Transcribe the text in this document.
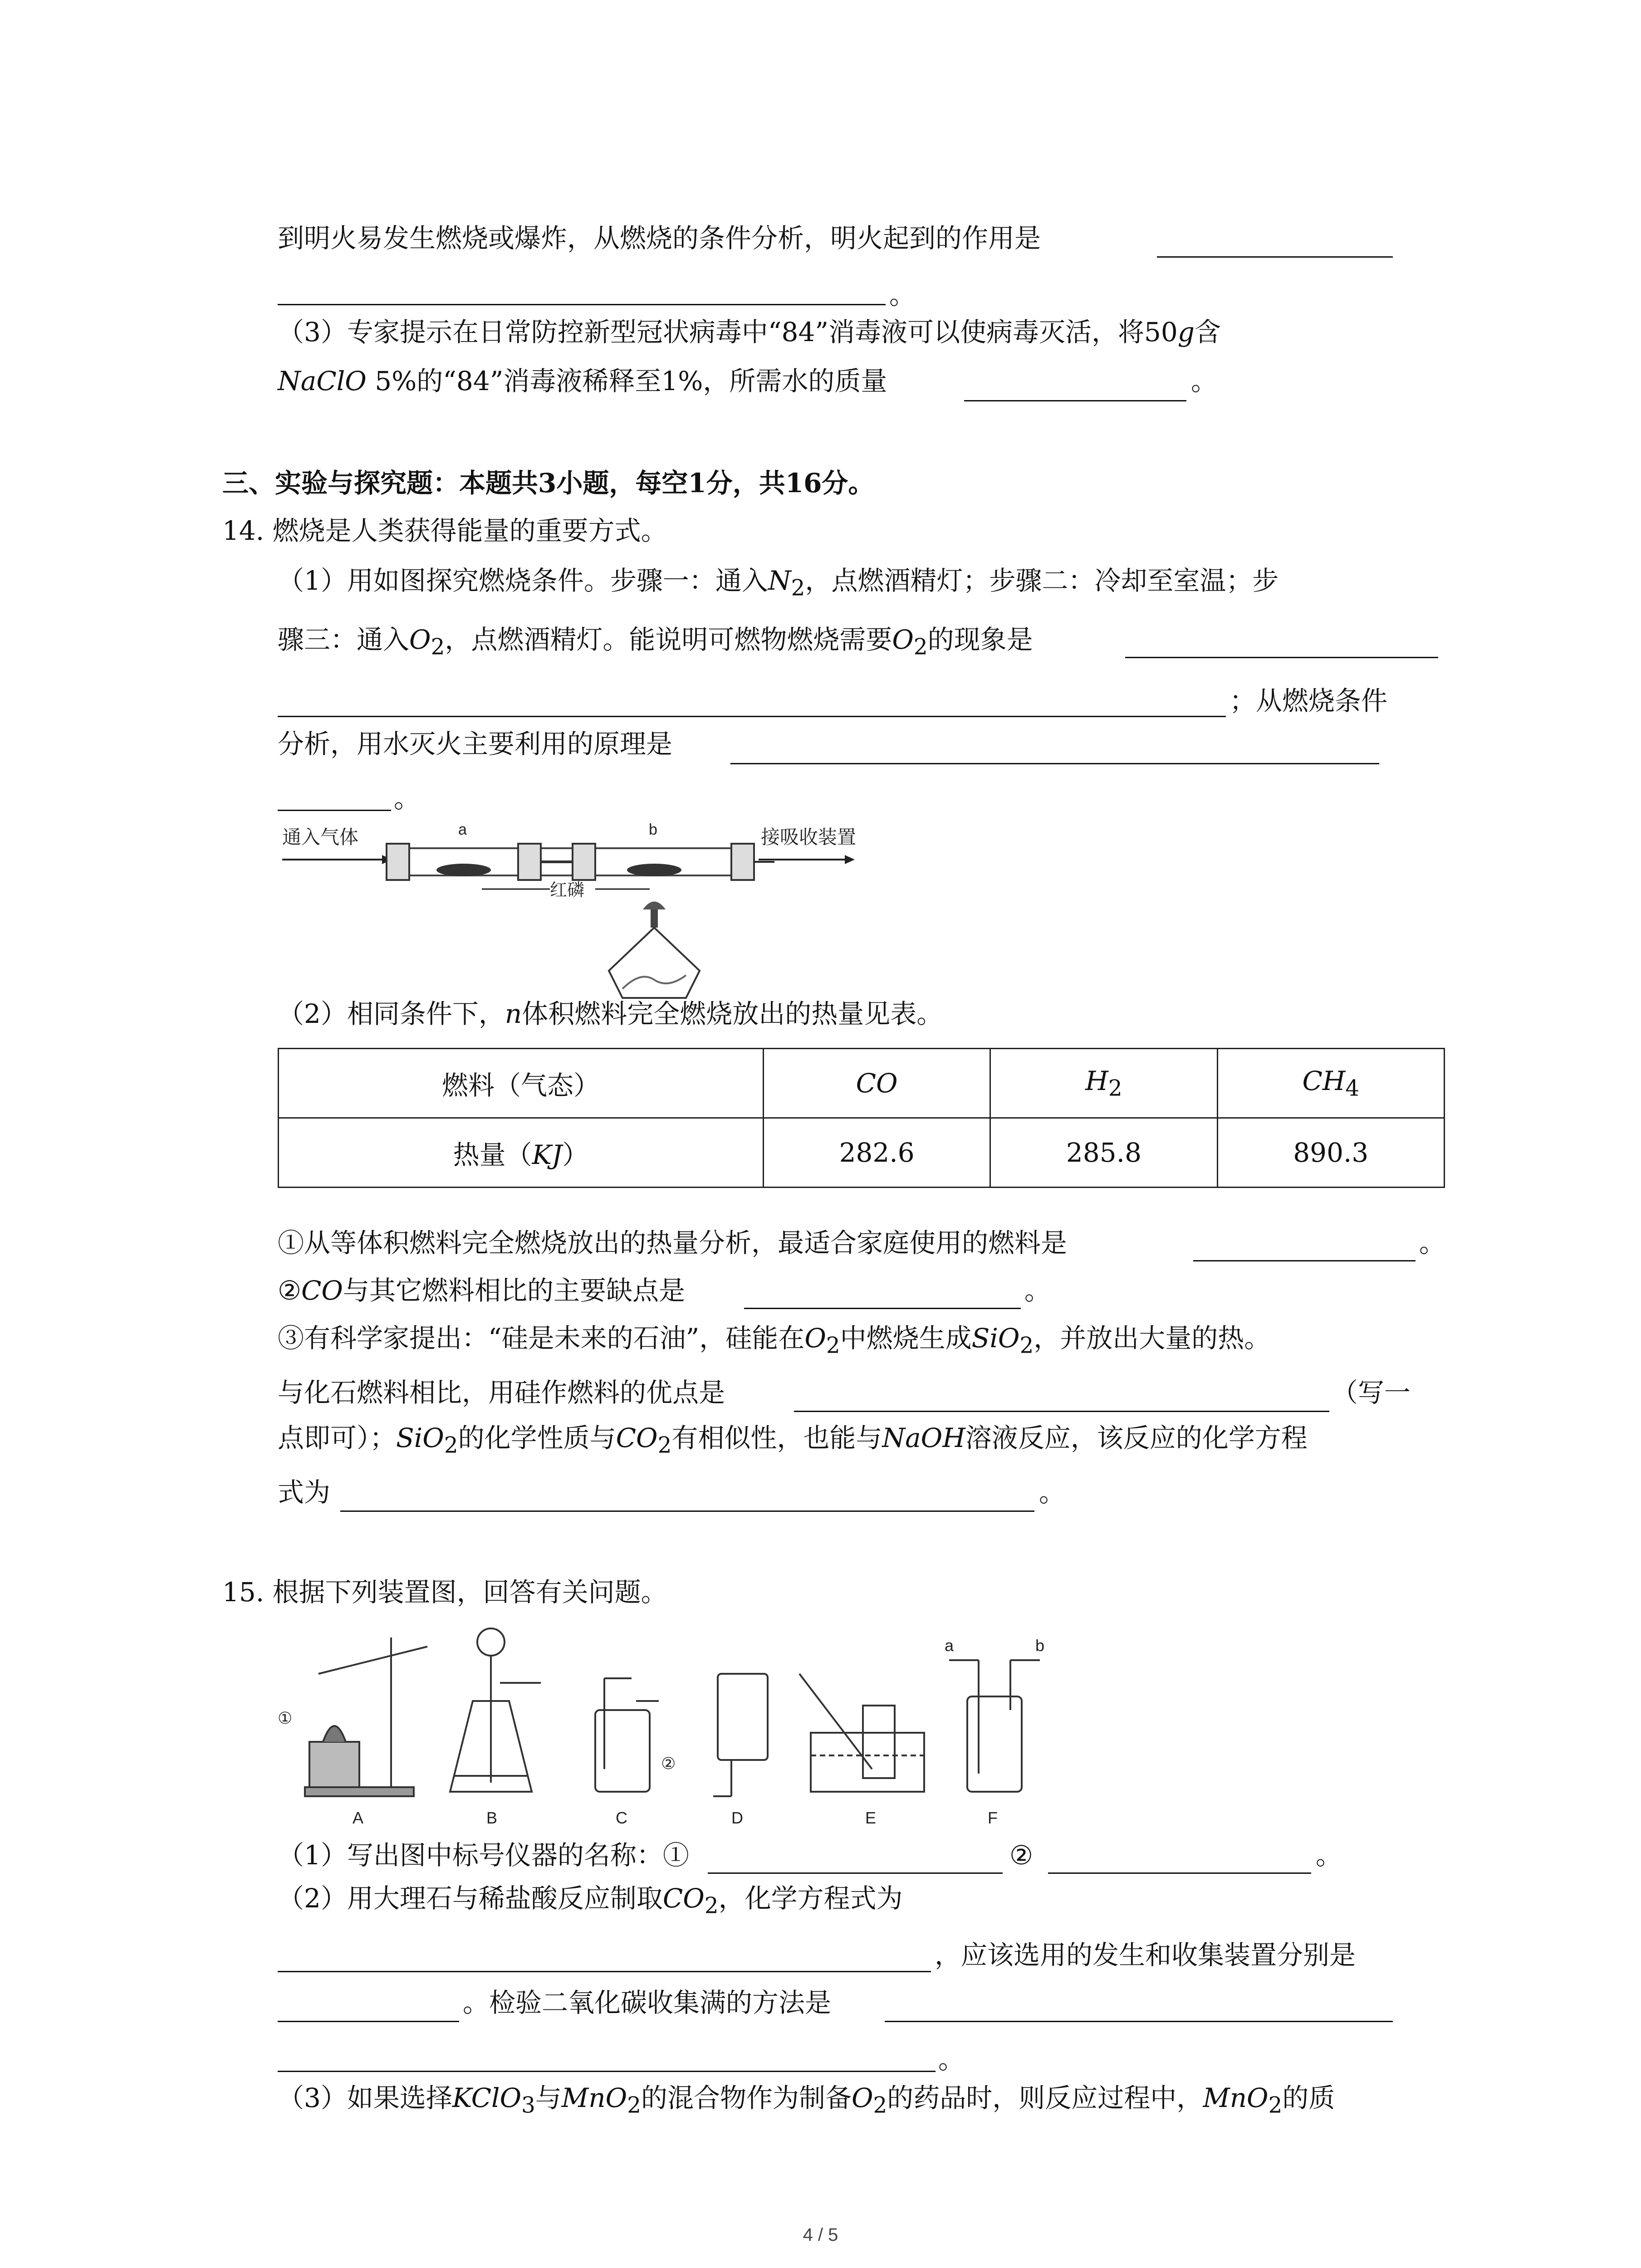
到明火易发生燃烧或爆炸，从燃烧的条件分析，明火起到的作用是
。
（3）专家提示在日常防控新型冠状病毒中“84”消毒液可以使病毒灭活，将50g含
NaClO 5%的“84”消毒液稀释至1%，所需水的质量	。
三、实验与探究题：本题共3小题，每空1分，共16分。
14. 燃烧是人类获得能量的重要方式。
（1）用如图探究燃烧条件。步骤一：通入$N_2$，点燃酒精灯；步骤二：冷却至室温；步
骤三：通入$O_2$，点燃酒精灯。能说明可燃物燃烧需要$O_2$的现象是
；从燃烧条件
分析，用水灭火主要利用的原理是
。
通入气体	a	b	接吸收装置
红磷
（2）相同条件下，n体积燃料完全燃烧放出的热量见表。
燃料（气态）	CO	$H_2$	$CH_4$
热量（KJ）	282.6	285.8	890.3
①从等体积燃料完全燃烧放出的热量分析，最适合家庭使用的燃料是	。
②CO与其它燃料相比的主要缺点是	。
③有科学家提出：“硅是未来的石油”，硅能在$O_2$中燃烧生成SiO$_2$，并放出大量的热。
与化石燃料相比，用硅作燃料的优点是	（写一
点即可）；SiO$_2$的化学性质与$CO_2$有相似性，也能与NaOH溶液反应，该反应的化学方程
式为	。
15. 根据下列装置图，回答有关问题。
①
A	B
②
C	D	E
a	b
F
（1）写出图中标号仪器的名称：①	②	。
（2）用大理石与稀盐酸反应制取$CO_2$，化学方程式为
，应该选用的发生和收集装置分别是
。检验二氧化碳收集满的方法是
。
（3）如果选择KClO$_3$与MnO$_2$的混合物作为制备$O_2$的药品时，则反应过程中，MnO$_2$的质
4 / 5
